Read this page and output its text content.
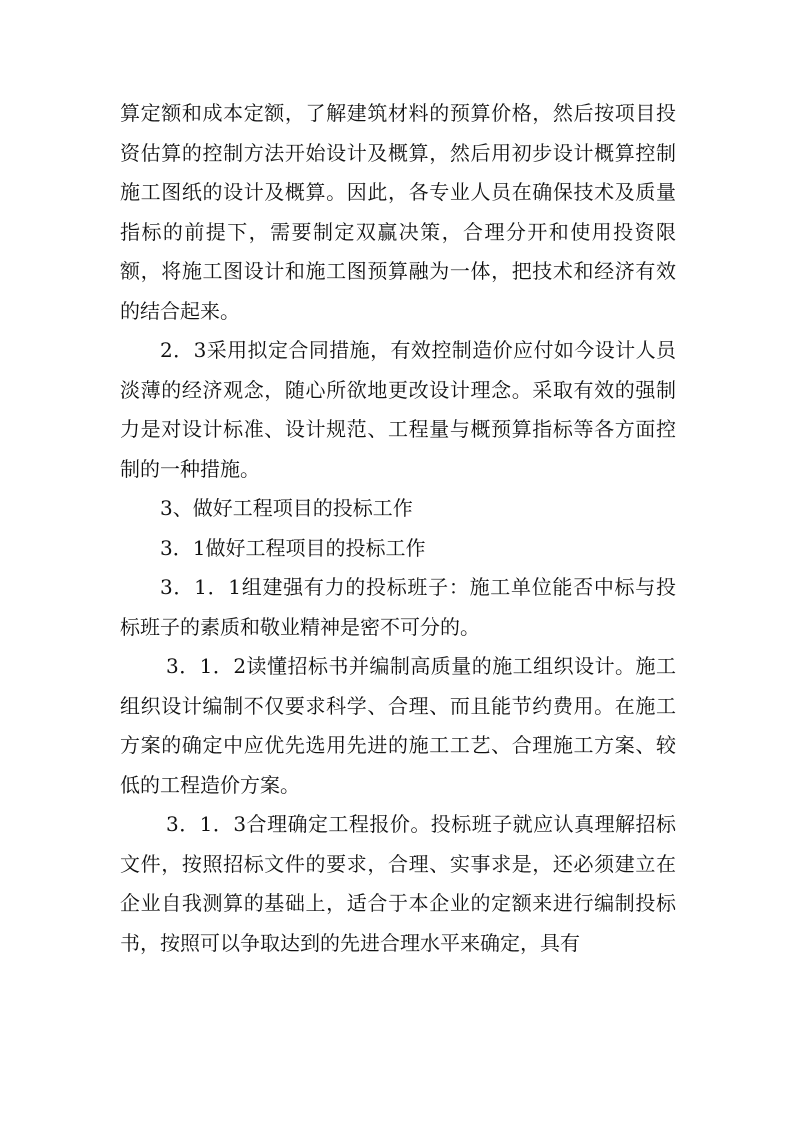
算定额和成本定额，了解建筑材料的预算价格，然后按项目投资估算的控制方法开始设计及概算，然后用初步设计概算控制施工图纸的设计及概算。因此，各专业人员在确保技术及质量指标的前提下，需要制定双赢决策，合理分开和使用投资限额，将施工图设计和施工图预算融为一体，把技术和经济有效的结合起来。

2．3采用拟定合同措施，有效控制造价应付如今设计人员淡薄的经济观念，随心所欲地更改设计理念。采取有效的强制力是对设计标准、设计规范、工程量与概预算指标等各方面控制的一种措施。

3、做好工程项目的投标工作

3．1做好工程项目的投标工作

3．1．1组建强有力的投标班子：施工单位能否中标与投标班子的素质和敬业精神是密不可分的。

3．1．2读懂招标书并编制高质量的施工组织设计。施工组织设计编制不仅要求科学、合理、而且能节约费用。在施工方案的确定中应优先选用先进的施工工艺、合理施工方案、较低的工程造价方案。

3．1．3合理确定工程报价。投标班子就应认真理解招标文件，按照招标文件的要求，合理、实事求是，还必须建立在企业自我测算的基础上，适合于本企业的定额来进行编制投标书，按照可以争取达到的先进合理水平来确定，具有
